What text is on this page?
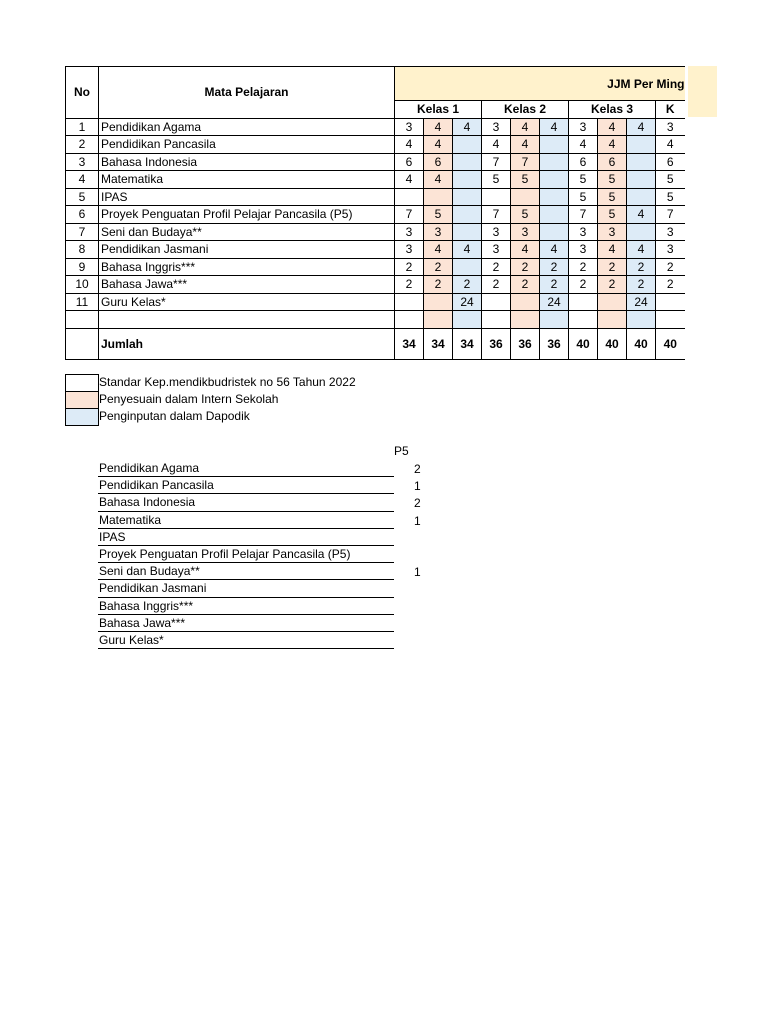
No	Mata Pelajaran	JJM Per Ming									
		Kelas 1			Kelas 2			Kelas 3			K
1	Pendidikan Agama	3	4	4	3	4	4	3	4	4	3
2	Pendidikan Pancasila	4	4		4	4		4	4		4
3	Bahasa Indonesia	6	6		7	7		6	6		6
4	Matematika	4	4		5	5		5	5		5
5	IPAS							5	5		5
6	Proyek Penguatan Profil Pelajar Pancasila (P5)	7	5		7	5		7	5	4	7
7	Seni dan Budaya**	3	3		3	3		3	3		3
8	Pendidikan Jasmani	3	4	4	3	4	4	3	4	4	3
9	Bahasa Inggris***	2	2		2	2	2	2	2	2	2
10	Bahasa Jawa***	2	2	2	2	2	2	2	2	2	2
11	Guru Kelas*			24			24			24	

	Jumlah	34	34	34	36	36	36	40	40	40	40
Standar Kep.mendikbudristek no 56 Tahun 2022
Penyesuain dalam Intern Sekolah
Penginputan dalam Dapodik
P5
Pendidikan Agama	2
Pendidikan Pancasila	1
Bahasa Indonesia	2
Matematika	1
IPAS
Proyek Penguatan Profil Pelajar Pancasila (P5)
Seni dan Budaya**	1
Pendidikan Jasmani
Bahasa Inggris***
Bahasa Jawa***
Guru Kelas*
